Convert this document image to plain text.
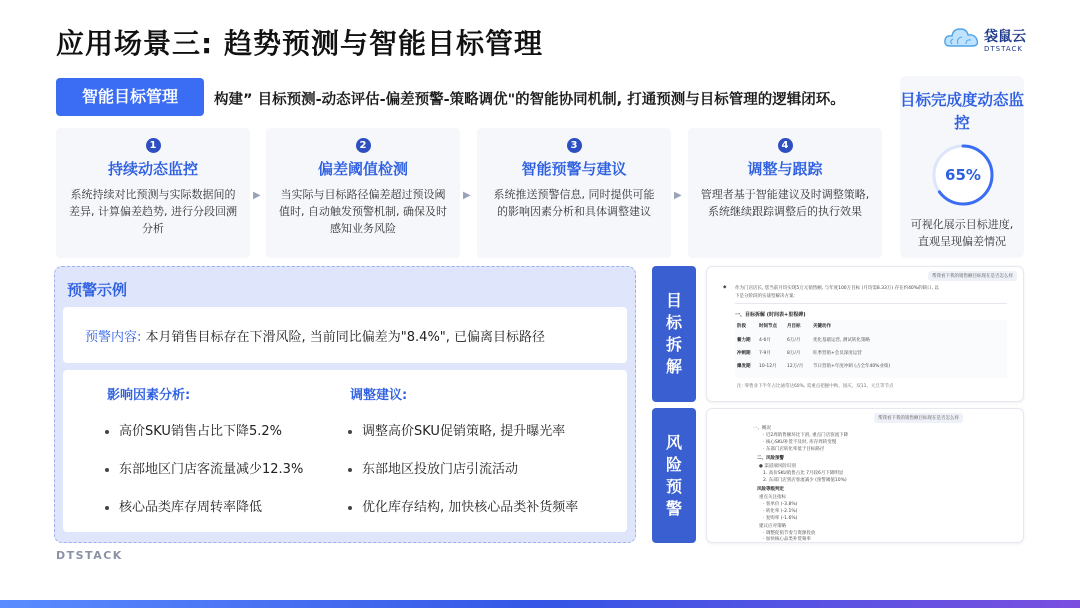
应用场景三: 趋势预测与智能目标管理	袋鼠云
DTSTACK
智能目标管理	构建” 目标预测-动态评估-偏差预警-策略调优"的智能协同机制, 打通预测与目标管理的逻辑闭环。
1
持续动态监控
系统持续对比预测与实际数据间的差异, 计算偏差趋势, 进行分段回溯分析
▶
2
偏差阈值检测
当实际与目标路径偏差超过预设阈值时, 自动触发预警机制, 确保及时感知业务风险
▶
3
智能预警与建议
系统推送预警信息, 同时提供可能的影响因素分析和具体调整建议
▶
4
调整与跟踪
管理者基于智能建议及时调整策略, 系统继续跟踪调整后的执行效果
目标完成度动态监控
65%
可视化展示目标进度, 直观呈现偏差情况
预警示例
预警内容: 本月销售目标存在下滑风险, 当前同比偏差为"8.4%", 已偏离目标路径
影响因素分析:
高价SKU销售占比下降5.2%
东部地区门店客流量减少12.3%
核心品类库存周转率降低
调整建议:
调整高价SKU促销策略, 提升曝光率
东部地区投放门店引流活动
优化库存结构, 加快核心品类补货频率
目
标
拆
解
风
险
预
警
帮我看下我的销售额目标现在是否怎么样
◆ 作为门店店长, 您当前月均实现5万元销售额, 与年度100万目标 (月均需8.33万) 存在约40%的缺口, 以
下是分阶段的实战型解决方案:
一、目标拆解 (时间表+里程碑)
阶段	时间节点 月目标	关键动作
蓄力期 4-6月	6万/月	优化基础运营, 测试转化策略
冲刺期 7-9月	8万/月	旺季营销+会员深度运营
爆发期 10-12月 12万/月 节日营销+年度冲刺 (占全年40%业绩)
注: 零售业下半年占比通常达60%, 需重点把握中秋、国庆、双11、元旦等节点
帮我看下我的销售额目标现在是否怎么样
一、概况
· 近2周销售额环比下滑, 重点门店客流下降
· 核心SKU补货不及时, 库存周转变慢
· 东部门店转化率低于目标路径
二、风险预警
● 渠道端风险识别
1. 高价SKU销售占比 7月较6月下降明显
2. 东部门店到店客流减少 (预警阈值10%)
风险等级判定
重点关注指标
· 客单价 (-3.8%)
· 转化率 (-2.1%)
· 复购率 (-1.6%)
建议应对策略
· 调整促销节奏与资源投放
· 加快核心品类补货频率
DTSTACK
